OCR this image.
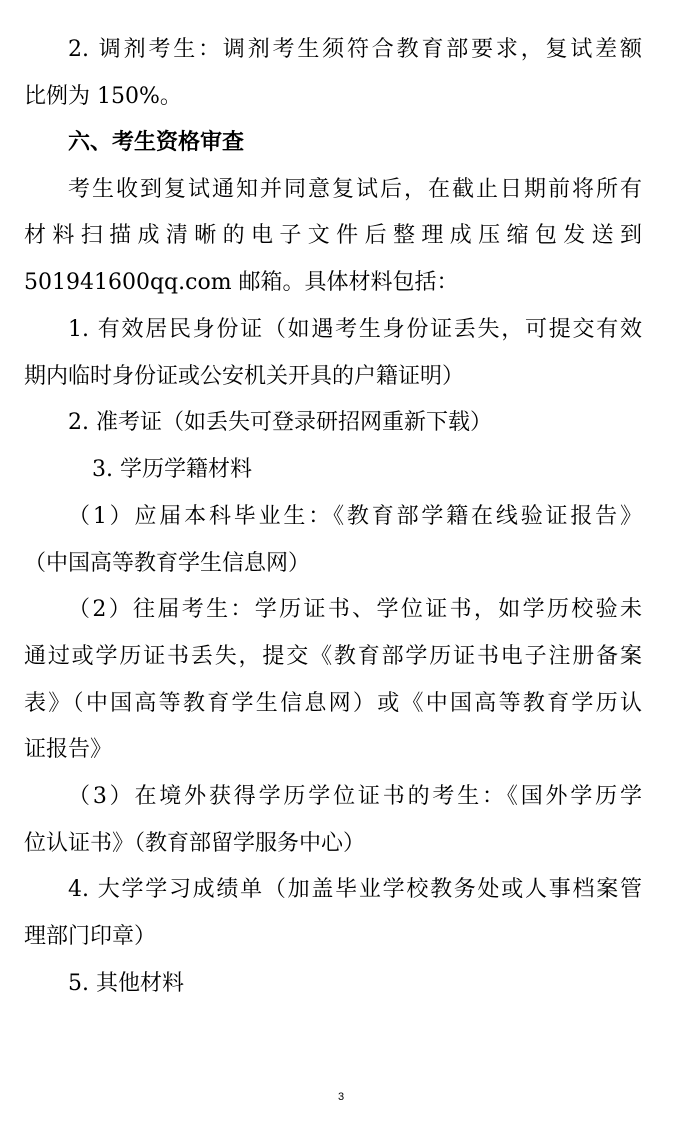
2. 调剂考生：调剂考生须符合教育部要求，复试差额
比例为 150%。
六、考生资格审查
考生收到复试通知并同意复试后，在截止日期前将所有
材料扫描成清晰的电子文件后整理成压缩包发送到
501941600qq.com 邮箱。具体材料包括：
1. 有效居民身份证（如遇考生身份证丢失，可提交有效
期内临时身份证或公安机关开具的户籍证明）
2. 准考证（如丢失可登录研招网重新下载）
3. 学历学籍材料
（1）应届本科毕业生：《教育部学籍在线验证报告》
（中国高等教育学生信息网）
（2）往届考生：学历证书、学位证书，如学历校验未
通过或学历证书丢失，提交《教育部学历证书电子注册备案
表》（中国高等教育学生信息网）或《中国高等教育学历认
证报告》
（3）在境外获得学历学位证书的考生：《国外学历学
位认证书》（教育部留学服务中心）
4. 大学学习成绩单（加盖毕业学校教务处或人事档案管
理部门印章）
5. 其他材料
3
